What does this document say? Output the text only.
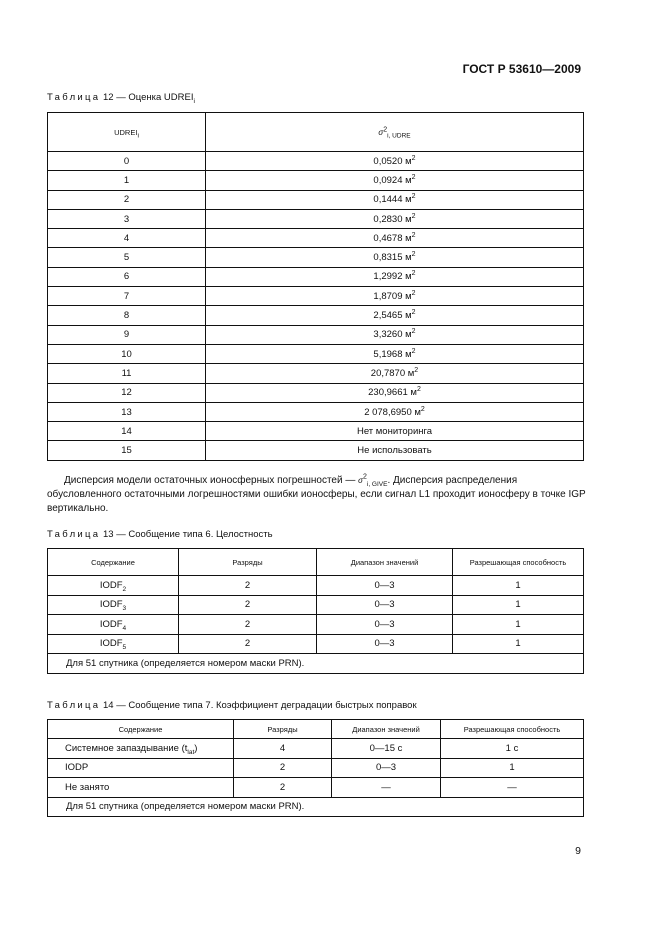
ГОСТ Р 53610—2009
Таблица 12 — Оценка $UDREI_i$
$UDREI_i$	$\sigma^2_{i, UDRE}$
0	0,0520 $м^2$
1	0,0924 $м^2$
2	0,1444 $м^2$
3	0,2830 $м^2$
4	0,4678 $м^2$
5	0,8315 $м^2$
6	1,2992 $м^2$
7	1,8709 $м^2$
8	2,5465 $м^2$
9	3,3260 $м^2$
10	5,1968 $м^2$
11	20,7870 $м^2$
12	230,9661 $м^2$
13	2 078,6950 $м^2$
14	Нет мониторинга
15	Не использовать
Дисперсия модели остаточных ионосферных погрешностей — $\sigma^2_{i, GIVE}$. Дисперсия распределения обусловленного остаточными логрешностями ошибки ионосферы, если сигнал L1 проходит ионосферу в точке IGP вертикально.
Таблица 13 — Сообщение типа 6. Целостность
Содержание	Разряды	Диапазон значений	Разрешающая способность
$IODF_2$	2	0—3	1
$IODF_3$	2	0—3	1
$IODF_4$	2	0—3	1
$IODF_5$	2	0—3	1
Для 51 спутника (определяется номером маски PRN).			
Таблица 14 — Сообщение типа 7. Коэффициент деградации быстрых поправок
Содержание	Разряды	Диапазон значений	Разрешающая способность
Системное запаздывание $(t_{lat})$	4	0—15 с	1 с
IODP	2	0—3	1
Не занято	2	—	—
Для 51 спутника (определяется номером маски PRN).			
9
